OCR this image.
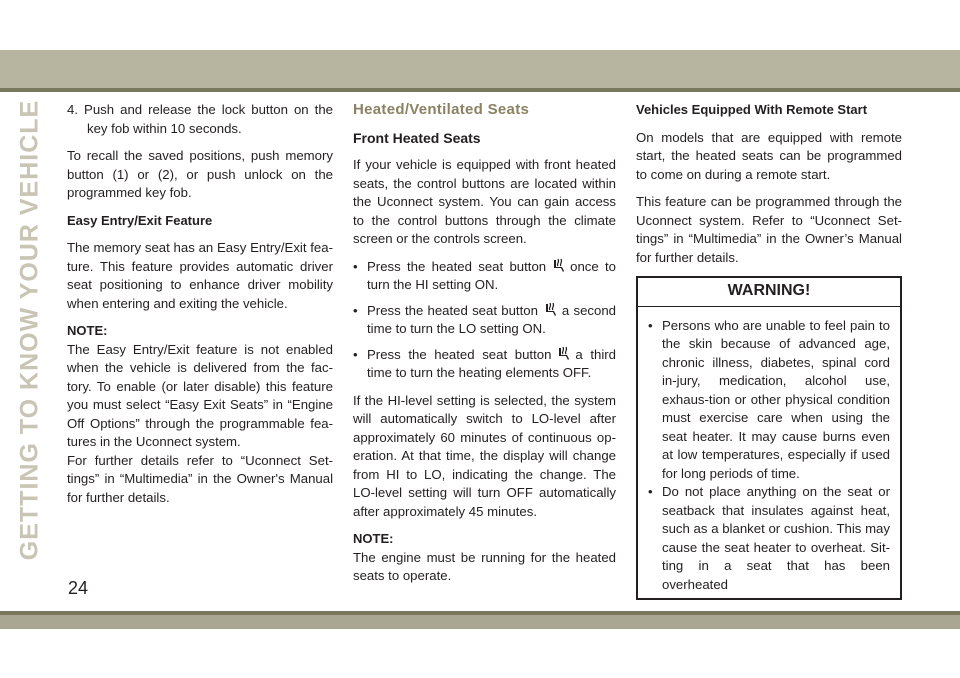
GETTING TO KNOW YOUR VEHICLE 4. Push and release the lock button on the key fob within 10 seconds.

To recall the saved positions, push memory button (1) or (2), or push unlock on the programmed key fob.

Easy Entry/Exit Feature

The memory seat has an Easy Entry/Exit fea-ture. This feature provides automatic driver seat positioning to enhance driver mobility when entering and exiting the vehicle.

NOTE:

The Easy Entry/Exit feature is not enabled when the vehicle is delivered from the fac-tory. To enable (or later disable) this feature you must select “Easy Exit Seats” in “Engine Off Options” through the programmable fea-tures in the Uconnect system.

For further details refer to “Uconnect Set-tings” in “Multimedia” in the Owner's Manual for further details.

Heated/Ventilated Seats

Front Heated Seats

If your vehicle is equipped with front heated seats, the control buttons are located within the Uconnect system. You can gain access to the control buttons through the climate screen or the controls screen.

• Press the heated seat button once to turn the HI setting ON.
• Press the heated seat button a second time to turn the LO setting ON.
• Press the heated seat button a third time to turn the heating elements OFF.

If the HI-level setting is selected, the system will automatically switch to LO-level after approximately 60 minutes of continuous op-eration. At that time, the display will change from HI to LO, indicating the change. The LO-level setting will turn OFF automatically after approximately 45 minutes.

NOTE:

The engine must be running for the heated seats to operate.

Vehicles Equipped With Remote Start

On models that are equipped with remote start, the heated seats can be programmed to come on during a remote start.

This feature can be programmed through the Uconnect system. Refer to “Uconnect Set-tings” in “Multimedia” in the Owner’s Manual for further details.

WARNING!
• Persons who are unable to feel pain to the skin because of advanced age, chronic illness, diabetes, spinal cord in-jury, medication, alcohol use, exhaus-tion or other physical condition must exercise care when using the seat heater. It may cause burns even at low temperatures, especially if used for long periods of time.
• Do not place anything on the seat or seatback that insulates against heat, such as a blanket or cushion. This may cause the seat heater to overheat. Sit-ting in a seat that has been overheated
24
